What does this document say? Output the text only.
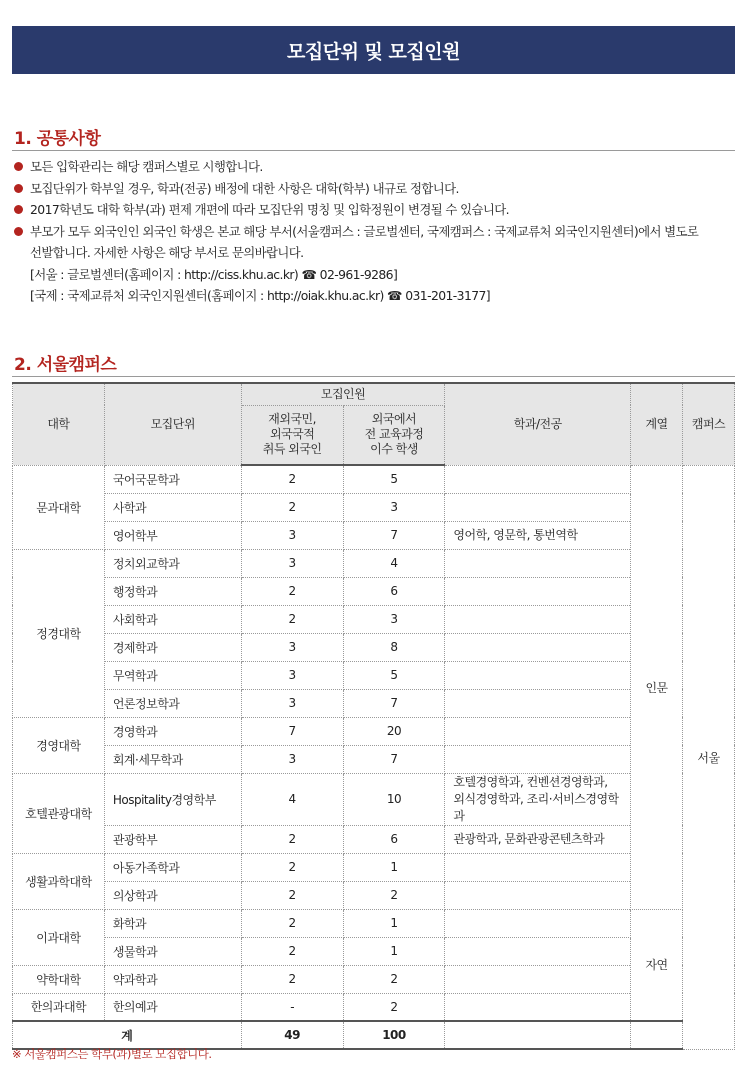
모집단위 및 모집인원
1. 공통사항
모든 입학관리는 해당 캠퍼스별로 시행합니다.
모집단위가 학부일 경우, 학과(전공) 배정에 대한 사항은 대학(학부) 내규로 정합니다.
2017학년도 대학 학부(과) 편제 개편에 따라 모집단위 명칭 및 입학정원이 변경될 수 있습니다.
부모가 모두 외국인인 외국인 학생은 본교 해당 부서(서울캠퍼스 : 글로벌센터, 국제캠퍼스 : 국제교류처 외국인지원센터)에서 별도로
선발합니다. 자세한 사항은 해당 부서로 문의바랍니다.
[서울 : 글로벌센터(홈페이지 : http://ciss.khu.ac.kr) ☎ 02-961-9286]
[국제 : 국제교류처 외국인지원센터(홈페이지 : http://oiak.khu.ac.kr) ☎ 031-201-3177]
2. 서울캠퍼스
대학	모집단위	모집인원		학과/전공	계열	캠퍼스
		재외국민,
외국국적
취득 외국인	외국에서
전 교육과정
이수 학생			
문과대학	국어국문학과	2	5		인문	서울
	사학과	2	3			
	영어학부	3	7	영어학, 영문학, 통번역학		
정경대학	정치외교학과	3	4			
	행정학과	2	6			
	사회학과	2	3			
	경제학과	3	8			
	무역학과	3	5			
	언론정보학과	3	7			
경영대학	경영학과	7	20			
	회계·세무학과	3	7			
호텔관광대학	Hospitality경영학부	4	10	호텔경영학과, 컨벤션경영학과,
외식경영학과, 조리·서비스경영학과		
	관광학부	2	6	관광학과, 문화관광콘텐츠학과		
생활과학대학	아동가족학과	2	1			
	의상학과	2	2			
이과대학	화학과	2	1		자연	
	생물학과	2	1			
약학대학	약과학과	2	2			
한의과대학	한의예과	-	2			
계		49	100			
※ 서울캠퍼스는 학부(과)별로 모집합니다.
